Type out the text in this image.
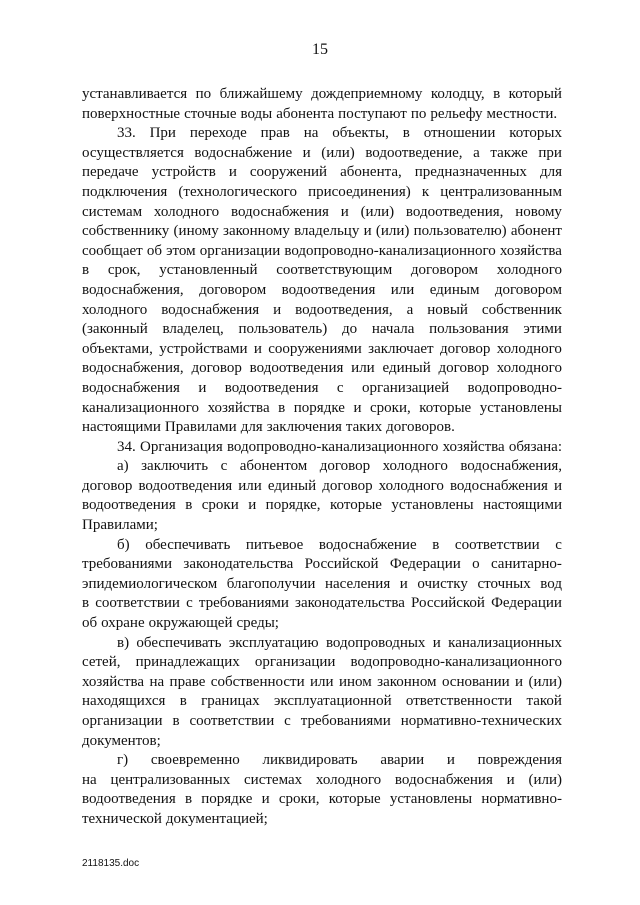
15
устанавливается по ближайшему дождеприемному колодцу, в который
поверхностные сточные воды абонента поступают по рельефу местности.
33. При переходе прав на объекты, в отношении которых
осуществляется водоснабжение и (или) водоотведение, а также при
передаче устройств и сооружений абонента, предназначенных для
подключения (технологического присоединения) к централизованным
системам холодного водоснабжения и (или) водоотведения, новому
собственнику (иному законному владельцу и (или) пользователю) абонент
сообщает об этом организации водопроводно-канализационного хозяйства
в срок, установленный соответствующим договором холодного
водоснабжения, договором водоотведения или единым договором
холодного водоснабжения и водоотведения, а новый собственник
(законный владелец, пользователь) до начала пользования этими
объектами, устройствами и сооружениями заключает договор холодного
водоснабжения, договор водоотведения или единый договор холодного
водоснабжения и водоотведения с организацией водопроводно-
канализационного хозяйства в порядке и сроки, которые установлены
настоящими Правилами для заключения таких договоров.
34. Организация водопроводно-канализационного хозяйства обязана:
а) заключить с абонентом договор холодного водоснабжения,
договор водоотведения или единый договор холодного водоснабжения и
водоотведения в сроки и порядке, которые установлены настоящими
Правилами;
б) обеспечивать питьевое водоснабжение в соответствии с
требованиями законодательства Российской Федерации о санитарно-
эпидемиологическом благополучии населения и очистку сточных вод
в соответствии с требованиями законодательства Российской Федерации
об охране окружающей среды;
в) обеспечивать эксплуатацию водопроводных и канализационных
сетей, принадлежащих организации водопроводно-канализационного
хозяйства на праве собственности или ином законном основании и (или)
находящихся в границах эксплуатационной ответственности такой
организации в соответствии с требованиями нормативно-технических
документов;
г) своевременно ликвидировать аварии и повреждения
на централизованных системах холодного водоснабжения и (или)
водоотведения в порядке и сроки, которые установлены нормативно-
технической документацией;
2118135.doc
